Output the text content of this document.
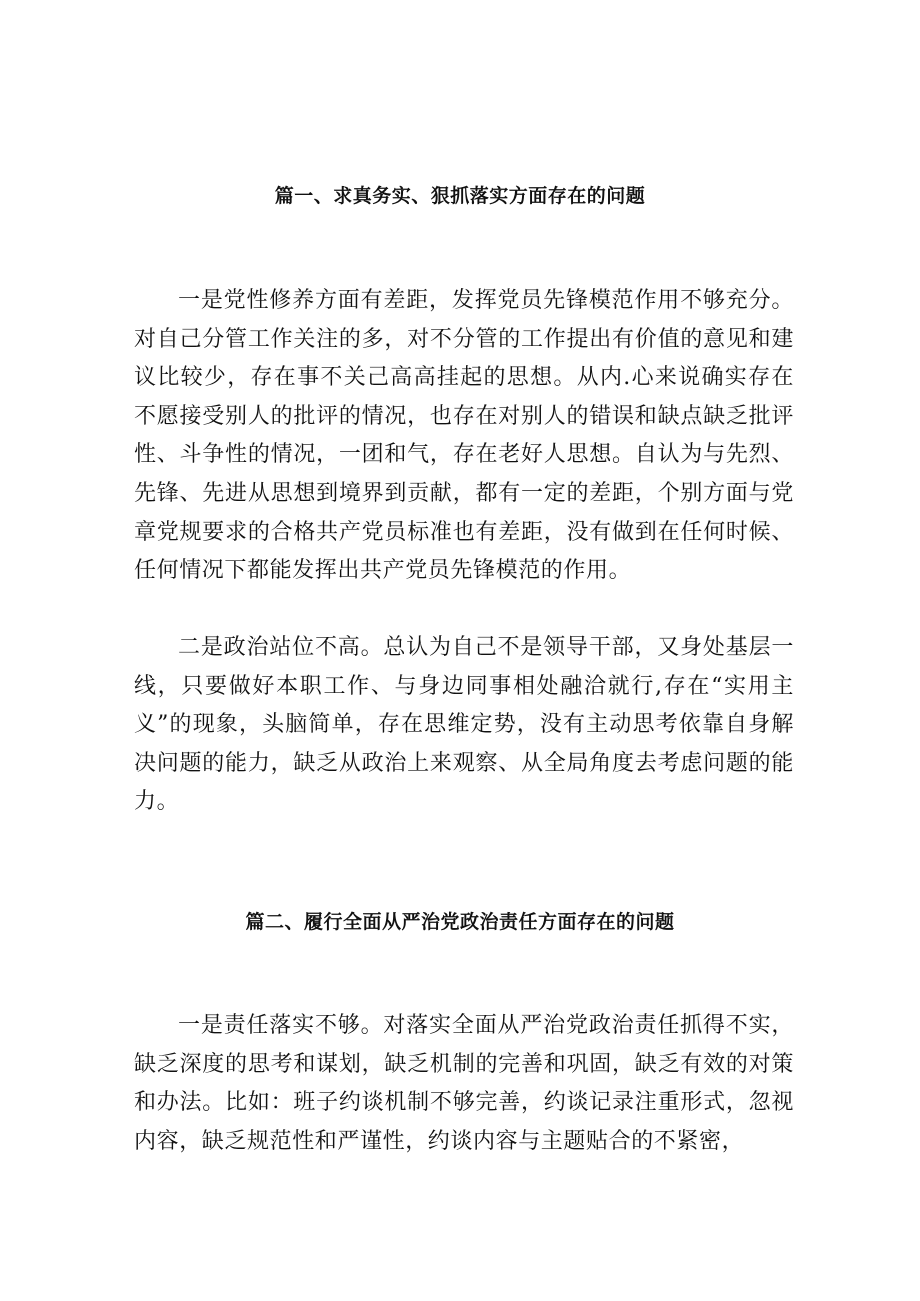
篇一、求真务实、狠抓落实方面存在的问题

一是党性修养方面有差距，发挥党员先锋模范作用不够充分。对自己分管工作关注的多，对不分管的工作提出有价值的意见和建议比较少，存在事不关己高高挂起的思想。从内.心来说确实存在不愿接受别人的批评的情况，也存在对别人的错误和缺点缺乏批评性、斗争性的情况，一团和气，存在老好人思想。自认为与先烈、先锋、先进从思想到境界到贡献，都有一定的差距，个别方面与党章党规要求的合格共产党员标准也有差距，没有做到在任何时候、任何情况下都能发挥出共产党员先锋模范的作用。

二是政治站位不高。总认为自己不是领导干部，又身处基层一线，只要做好本职工作、与身边同事相处融洽就行,存在“实用主义”的现象，头脑简单，存在思维定势，没有主动思考依靠自身解决问题的能力，缺乏从政治上来观察、从全局角度去考虑问题的能力。

篇二、履行全面从严治党政治责任方面存在的问题

一是责任落实不够。对落实全面从严治党政治责任抓得不实，缺乏深度的思考和谋划，缺乏机制的完善和巩固，缺乏有效的对策和办法。比如：班子约谈机制不够完善，约谈记录注重形式，忽视内容，缺乏规范性和严谨性，约谈内容与主题贴合的不紧密，
